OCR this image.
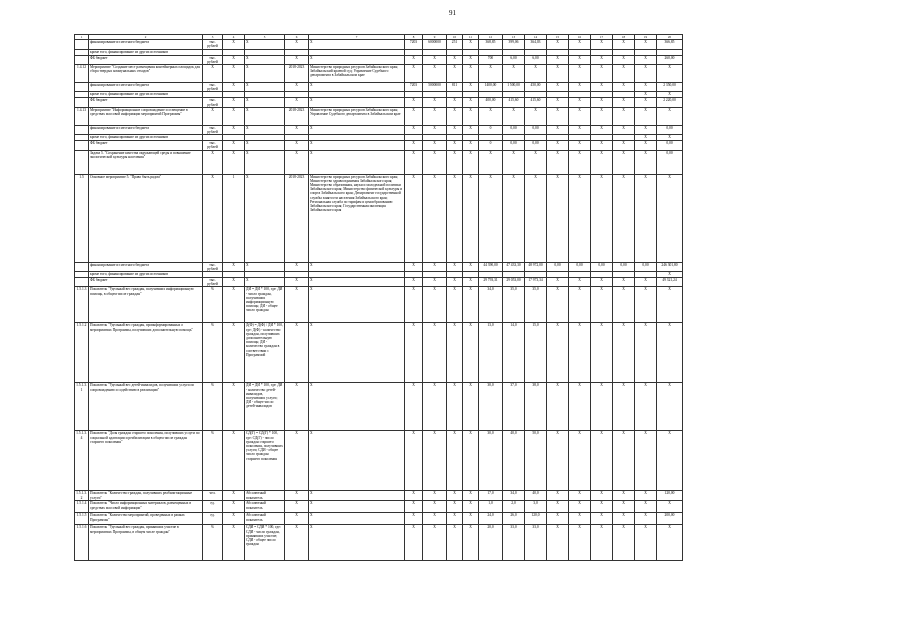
91
1	2	3	4	5	6	7	8	9	10	11	12	13	14	15	16	17	18	19	20
	финансирование из местного бюджета	тыс. рублей	X	X	X	X	7203	6000000	251	X	368,85	399,06	364,03	X	X	X	X	X	366,85
	кроме того, финансирование из других источников																		
	ФБ бюджет	тыс. рублей	X	X	X	X	X	X	X	X	700	6,00	6,00	X	X	X	X	X	260,00
1.4.12	Мероприятие "Создание мест размещения контейнерных площадок для сбора твердых коммунальных отходов"	X	X	X	2018-2023	Министерство природных ресурсов Забайкальского края; Забайкальский краевой суд; Управление Судебного департамента в Забайкальском крае	X	X	X	X	X	X	X	X	X	X	X	X	X
	финансирование из местного бюджета	тыс. рублей	X	X	X	X	7203	5000000	811	X	1400,00	1 500,00	450,00	X	X	X	X	X	2 350,00
	кроме того, финансирование из других источников																	X	X
	ФБ бюджет	тыс. рублей	X	X	X	X	X	X	X	X	400,00	415,60	415,60	X	X	X	X	X	2 220,00
1.4.13	Мероприятие "Информационное сопровождение и освещение в средствах массовой информации мероприятий Программы"	X	X	X	2018-2023	Министерство природных ресурсов Забайкальского края; Управление Судебного департамента в Забайкальском крае	X	X	X	X	X	X	X	X	X	X	X	X	X
	финансирование из местного бюджета	тыс. рублей	X	X	X	X	X	X	X	X	0	0,00	0,00	X	X	X	X	X	0,00
	кроме того, финансирование из других источников																	X	X
	ФБ бюджет	тыс. рублей	X	X	X	X	X	X	X	X	0	0,00	0,00	X	X	X	X	X	0,00
	Задача 5. "Сохранение качества окружающей среды и повышение экологической культуры населения"	X	X	X	X	X	X	X	X	X	X	X	X	X	X	X	X	X	0,00
1.5	Основное мероприятие 5. "Право быть рядом"	X	1	X	2018-2023	Министерство природных ресурсов Забайкальского края; Министерство здравоохранения Забайкальского края; Министерство образования, науки и молодежной политики Забайкальского края; Министерство физической культуры и спорта Забайкальского края; Департамент государственной службы занятости населения Забайкальского края; Региональная служба по тарифам и ценообразованию Забайкальского края; Государственная инспекция Забайкальского края	X	X	X	X	X	X	X	X	X	X	X	X	X
	финансирование из местного бюджета	тыс. рублей	X	X	X	X	X	X	X	X	44 390,00	47 433,30	48 972,00	0,00	0,00	0,00	0,00	0,00	246 301,80
	кроме того, финансирование из других источников																		X
	ФБ бюджет	тыс. рублей	X	X	X	X	X	X	X	X	29 793,31	29 053,00	17 973,34	X	X	X	X	X	49 321,24
1.5.1.3	Показатель "Удельный вес граждан, получивших информационную помощь, в общем числе граждан"	%	X	ДИ = ДИ * 100, где: ДИ - число граждан, получивших информационную помощь; ДИ - общее число граждан	X	X	X	X	X	X	34,0	35,0	35,0	X	X	X	X	X	X
1.5.1.2	Показатель "Удельный вес граждан, проинформированных о мероприятиях Программы, получивших дополнительную помощь"	%	X	Д(Ф) = Д(Ф) / ДИ * 100, где: Д(Ф) - количество граждан, получивших дополнительную помощь; ДИ - количество граждан в соответствии с Программой	X	X	X	X	X	X	13,0	14,0	15,0	X	X	X	X	X	X
1.5.1.3.1	Показатель "Удельный вес детей-инвалидов, получивших услуги по сопровождению и содействию в реализации"	%	X	ДИ = ДИ * 100, где: ДИ - количество детей-инвалидов, получивших услуги; ДИ - общее число детей-инвалидов	X	X	X	X	X	X	30,0	37,0	38,0	X	X	X	X	X	X
1.5.1.3.4	Показатель "Доля граждан старшего поколения, получивших услуги по социальной адаптации и реабилитации в общем числе граждан старшего поколения"	%	X	СД(Г) = СД(Г) * 100, где: СД(Г) - число граждан старшего поколения, получивших услуги; СДИ - общее число граждан старшего поколения	X	X	X	X	X	X	30,0	40,0	50,0	X	X	X	X	X	X
1.5.1.3.2	Показатель "Количество граждан, получивших реабилитационные услуги"	чел.	X	Абсолютный показатель	X	X	X	X	X	X	17,0	34,0	40,0	X	X	X	X	X	120,00
1.5.1.4	Показатель "Число информационных материалов, размещенных в средствах массовой информации"	ед.	X	Абсолютный показатель	X	X	X	X	X	X	1,0	2,0	3,0	X	X	X	X	X	X
1.5.1.5	Показатель "Количество мероприятий, проведенных в рамках Программы"	ед.	X	Абсолютный показатель	X	X	X	X	X	X	24,0	26,0	120,0	X	X	X	X	X	200,00
1.5.1.6	Показатель "Удельный вес граждан, принявших участие в мероприятиях Программы, в общем числе граждан"	%	X	СДИ = СДИ * 100, где: СДИ - число граждан, принявших участие; СДИ - общее число граждан	X	X	X	X	X	X	20,0	33,0	33,0	X	X	X	X	X	X
